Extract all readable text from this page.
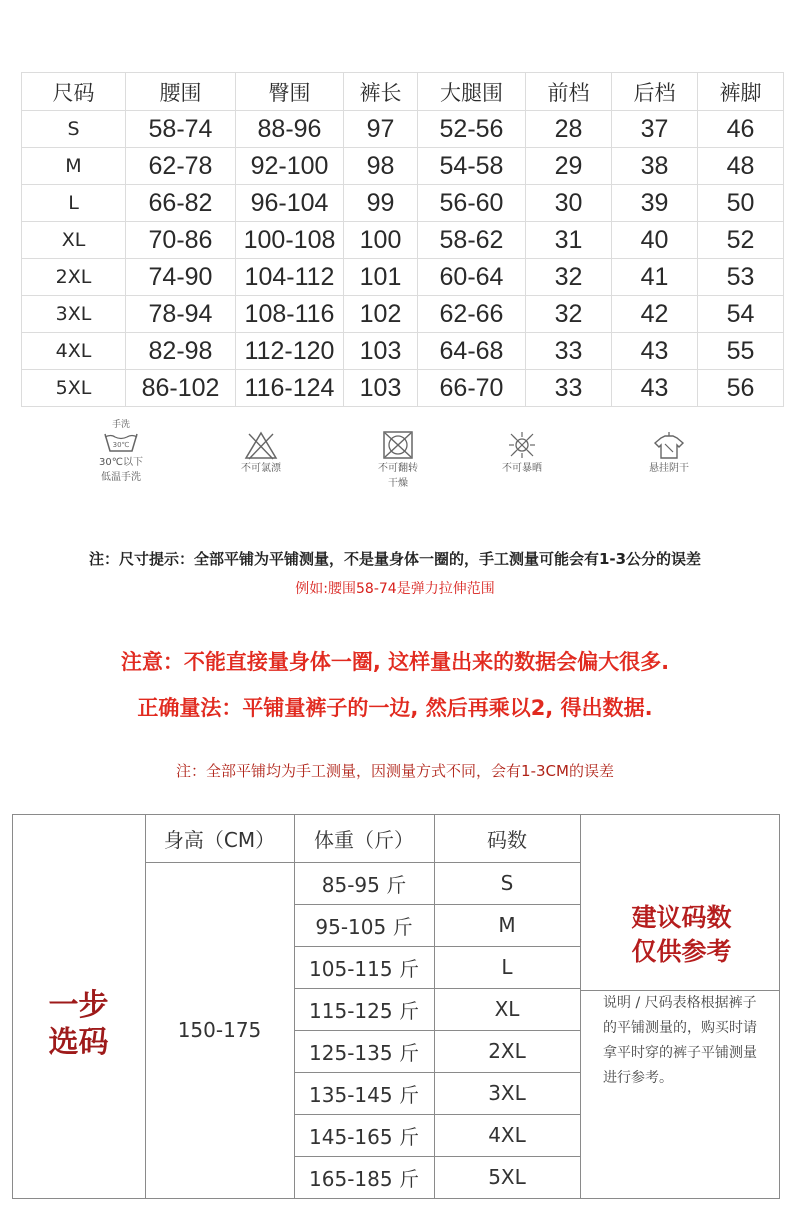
尺码	腰围	臀围	裤长	大腿围	前档	后档	裤脚
S	58-74	88-96	97	52-56	28	37	46
M	62-78	92-100	98	54-58	29	38	48
L	66-82	96-104	99	56-60	30	39	50
XL	70-86	100-108	100	58-62	31	40	52
2XL	74-90	104-112	101	60-64	32	41	53
3XL	78-94	108-116	102	62-66	32	42	54
4XL	82-98	112-120	103	64-68	33	43	55
5XL	86-102	116-124	103	66-70	33	43	56
手洗
30℃
30℃以下
低温手洗
不可氯漂	不可翻转
干燥
不可暴晒	悬挂阴干
注：尺寸提示：全部平铺为平铺测量，不是量身体一圈的，手工测量可能会有1-3公分的误差
例如:腰围58-74是弹力拉伸范围
注意：不能直接量身体一圈, 这样量出来的数据会偏大很多.
正确量法：平铺量裤子的一边, 然后再乘以2, 得出数据.
注：全部平铺均为手工测量，因测量方式不同，会有1-3CM的误差
一步
选码
身高（CM）	体重（斤）	码数
150-175
85-95 斤	S
95-105 斤	M
105-115 斤	L
115-125 斤	XL
125-135 斤	2XL
135-145 斤	3XL
145-165 斤	4XL
165-185 斤	5XL
建议码数
仅供参考
说明 / 尺码表格根据裤子的平铺测量的，购买时请拿平时穿的裤子平铺测量进行参考。
